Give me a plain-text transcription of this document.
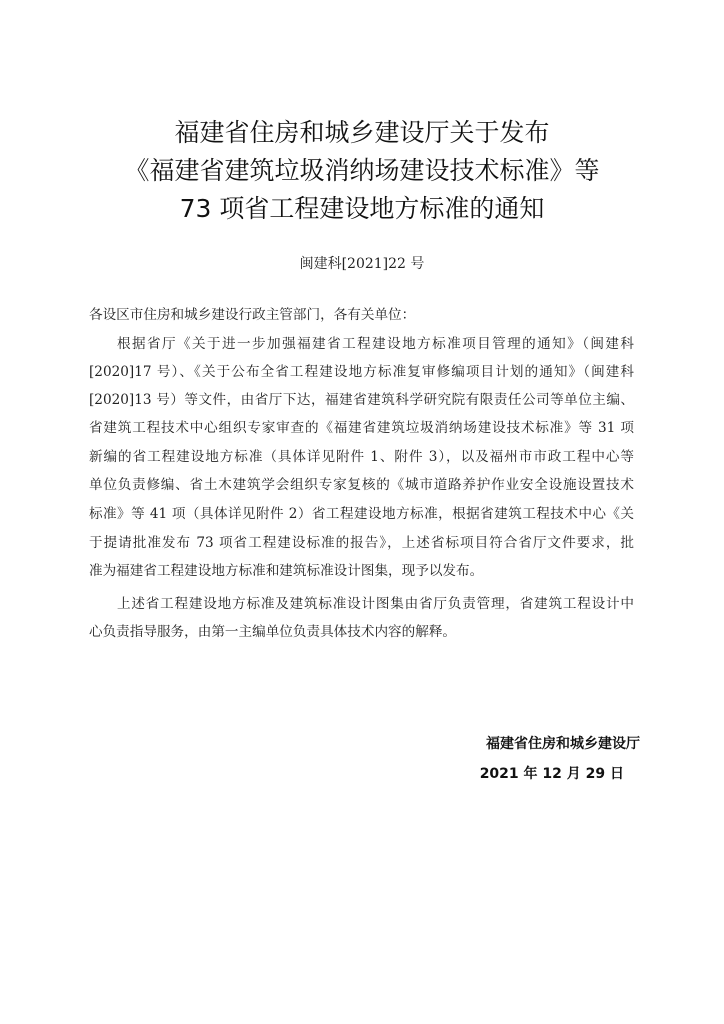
福建省住房和城乡建设厅关于发布
《福建省建筑垃圾消纳场建设技术标准》等
73 项省工程建设地方标准的通知
闽建科[2021]22 号
各设区市住房和城乡建设行政主管部门，各有关单位：
根据省厅《关于进一步加强福建省工程建设地方标准项目管理的通知》（闽建科
[2020]17 号）、《关于公布全省工程建设地方标准复审修编项目计划的通知》（闽建科
[2020]13 号）等文件，由省厅下达，福建省建筑科学研究院有限责任公司等单位主编、
省建筑工程技术中心组织专家审查的《福建省建筑垃圾消纳场建设技术标准》等 31 项
新编的省工程建设地方标准（具体详见附件 1、附件 3），以及福州市市政工程中心等
单位负责修编、省土木建筑学会组织专家复核的《城市道路养护作业安全设施设置技术
标准》等 41 项（具体详见附件 2）省工程建设地方标准，根据省建筑工程技术中心《关
于提请批准发布 73 项省工程建设标准的报告》，上述省标项目符合省厅文件要求，批
准为福建省工程建设地方标准和建筑标准设计图集，现予以发布。
上述省工程建设地方标准及建筑标准设计图集由省厅负责管理，省建筑工程设计中
心负责指导服务，由第一主编单位负责具体技术内容的解释。
福建省住房和城乡建设厅
2021 年 12 月 29 日
